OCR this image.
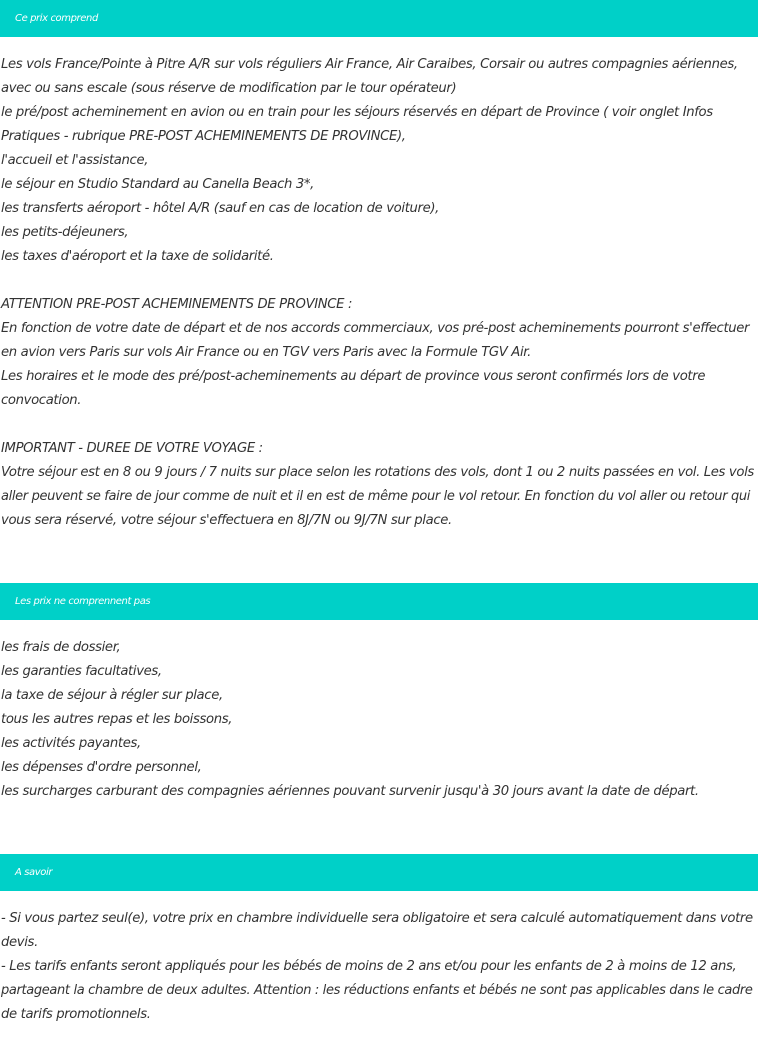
Ce prix comprend
Les vols France/Pointe à Pitre A/R sur vols réguliers Air France, Air Caraibes, Corsair ou autres compagnies aériennes,
avec ou sans escale (sous réserve de modification par le tour opérateur)
le pré/post acheminement en avion ou en train pour les séjours réservés en départ de Province ( voir onglet Infos
Pratiques - rubrique PRE-POST ACHEMINEMENTS DE PROVINCE),
l'accueil et l'assistance,
le séjour en Studio Standard au Canella Beach 3*,
les transferts aéroport - hôtel A/R (sauf en cas de location de voiture),
les petits-déjeuners,
les taxes d'aéroport et la taxe de solidarité.
ATTENTION PRE-POST ACHEMINEMENTS DE PROVINCE :
En fonction de votre date de départ et de nos accords commerciaux, vos pré-post acheminements pourront s'effectuer
en avion vers Paris sur vols Air France ou en TGV vers Paris avec la Formule TGV Air.
Les horaires et le mode des pré/post-acheminements au départ de province vous seront confirmés lors de votre
convocation.
IMPORTANT - DUREE DE VOTRE VOYAGE :
Votre séjour est en 8 ou 9 jours / 7 nuits sur place selon les rotations des vols, dont 1 ou 2 nuits passées en vol. Les vols
aller peuvent se faire de jour comme de nuit et il en est de même pour le vol retour. En fonction du vol aller ou retour qui
vous sera réservé, votre séjour s'effectuera en 8J/7N ou 9J/7N sur place.
Les prix ne comprennent pas
les frais de dossier,
les garanties facultatives,
la taxe de séjour à régler sur place,
tous les autres repas et les boissons,
les activités payantes,
les dépenses d'ordre personnel,
les surcharges carburant des compagnies aériennes pouvant survenir jusqu'à 30 jours avant la date de départ.
A savoir
- Si vous partez seul(e), votre prix en chambre individuelle sera obligatoire et sera calculé automatiquement dans votre
devis.
- Les tarifs enfants seront appliqués pour les bébés de moins de 2 ans et/ou pour les enfants de 2 à moins de 12 ans,
partageant la chambre de deux adultes. Attention : les réductions enfants et bébés ne sont pas applicables dans le cadre
de tarifs promotionnels.
